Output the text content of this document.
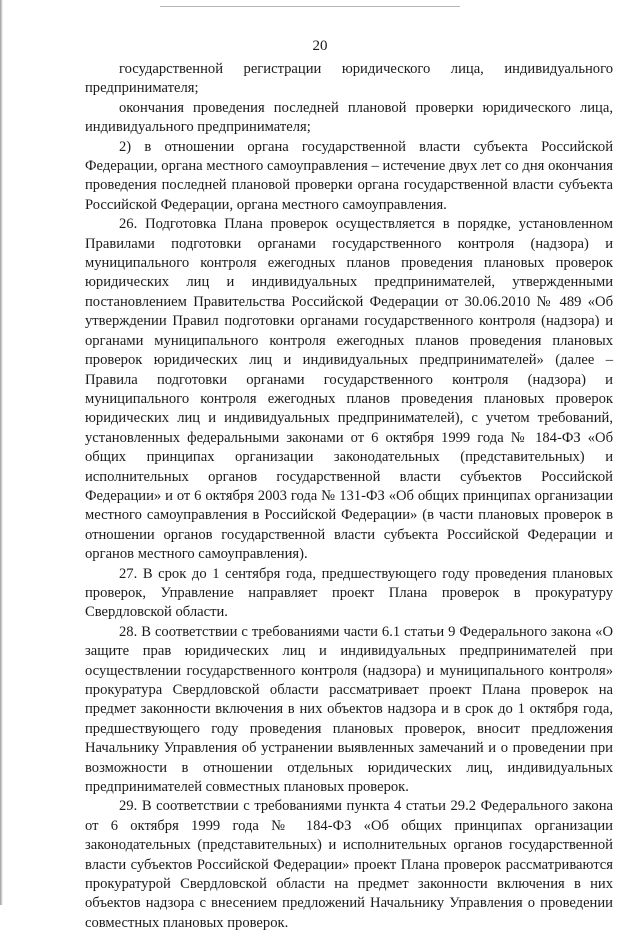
20

государственной регистрации юридического лица, индивидуального предпринимателя;

окончания проведения последней плановой проверки юридического лица, индивидуального предпринимателя;

2) в отношении органа государственной власти субъекта Российской Федерации, органа местного самоуправления – истечение двух лет со дня окончания проведения последней плановой проверки органа государственной власти субъекта Российской Федерации, органа местного самоуправления.

26. Подготовка Плана проверок осуществляется в порядке, установленном Правилами подготовки органами государственного контроля (надзора) и муниципального контроля ежегодных планов проведения плановых проверок юридических лиц и индивидуальных предпринимателей, утвержденными постановлением Правительства Российской Федерации от 30.06.2010 № 489 «Об утверждении Правил подготовки органами государственного контроля (надзора) и органами муниципального контроля ежегодных планов проведения плановых проверок юридических лиц и индивидуальных предпринимателей» (далее – Правила подготовки органами государственного контроля (надзора) и муниципального контроля ежегодных планов проведения плановых проверок юридических лиц и индивидуальных предпринимателей), с учетом требований, установленных федеральными законами от 6 октября 1999 года № 184-ФЗ «Об общих принципах организации законодательных (представительных) и исполнительных органов государственной власти субъектов Российской Федерации» и от 6 октября 2003 года № 131-ФЗ «Об общих принципах организации местного самоуправления в Российской Федерации» (в части плановых проверок в отношении органов государственной власти субъекта Российской Федерации и органов местного самоуправления).

27. В срок до 1 сентября года, предшествующего году проведения плановых проверок, Управление направляет проект Плана проверок в прокуратуру Свердловской области.

28. В соответствии с требованиями части 6.1 статьи 9 Федерального закона «О защите прав юридических лиц и индивидуальных предпринимателей при осуществлении государственного контроля (надзора) и муниципального контроля» прокуратура Свердловской области рассматривает проект Плана проверок на предмет законности включения в них объектов надзора и в срок до 1 октября года, предшествующего году проведения плановых проверок, вносит предложения Начальнику Управления об устранении выявленных замечаний и о проведении при возможности в отношении отдельных юридических лиц, индивидуальных предпринимателей совместных плановых проверок.

29. В соответствии с требованиями пункта 4 статьи 29.2 Федерального закона от 6 октября 1999 года № 184-ФЗ «Об общих принципах организации законодательных (представительных) и исполнительных органов государственной власти субъектов Российской Федерации» проект Плана проверок рассматриваются прокуратурой Свердловской области на предмет законности включения в них объектов надзора с внесением предложений Начальнику Управления о проведении совместных плановых проверок.
